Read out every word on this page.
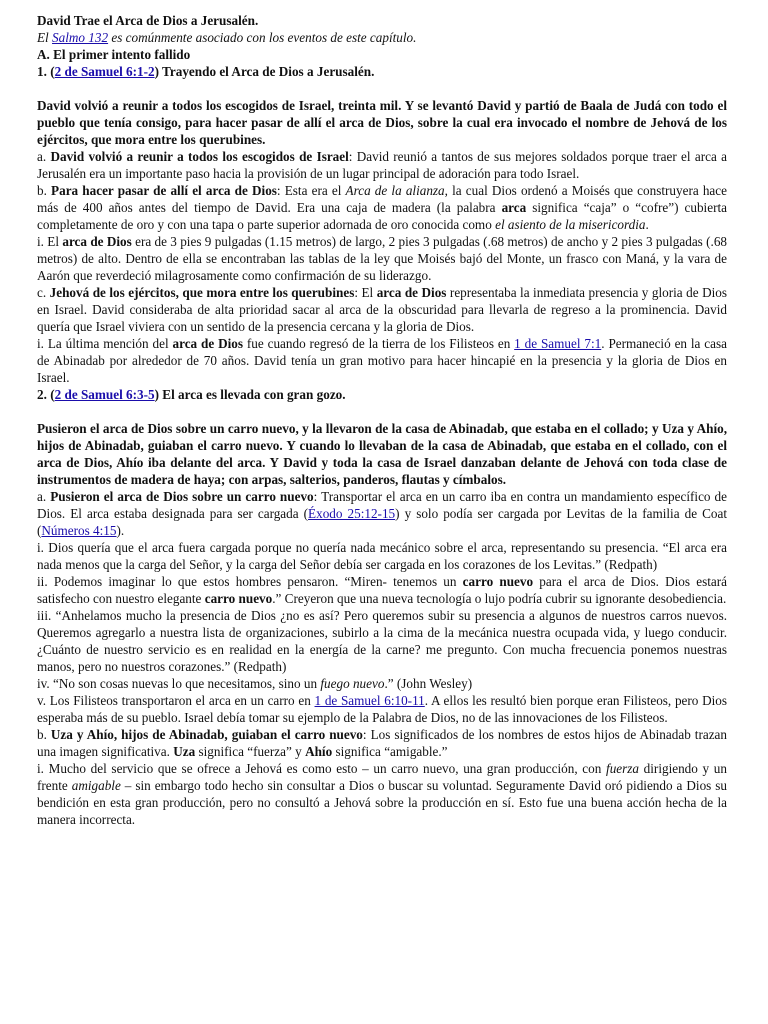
David Trae el Arca de Dios a Jerusalén.

El Salmo 132 es comúnmente asociado con los eventos de este capítulo.

A. El primer intento fallido

1. (2 de Samuel 6:1-2) Trayendo el Arca de Dios a Jerusalén.

David volvió a reunir a todos los escogidos de Israel, treinta mil. Y se levantó David y partió de Baala de Judá con todo el pueblo que tenía consigo, para hacer pasar de allí el arca de Dios, sobre la cual era invocado el nombre de Jehová de los ejércitos, que mora entre los querubines.

a. David volvió a reunir a todos los escogidos de Israel: David reunió a tantos de sus mejores soldados porque traer el arca a Jerusalén era un importante paso hacia la provisión de un lugar principal de adoración para todo Israel.

b. Para hacer pasar de allí el arca de Dios: Esta era el Arca de la alianza, la cual Dios ordenó a Moisés que construyera hace más de 400 años antes del tiempo de David. Era una caja de madera (la palabra arca significa “caja” o “cofre”) cubierta completamente de oro y con una tapa o parte superior adornada de oro conocida como el asiento de la misericordia.

i. El arca de Dios era de 3 pies 9 pulgadas (1.15 metros) de largo, 2 pies 3 pulgadas (.68 metros) de ancho y 2 pies 3 pulgadas (.68 metros) de alto. Dentro de ella se encontraban las tablas de la ley que Moisés bajó del Monte, un frasco con Maná, y la vara de Aarón que reverdeció milagrosamente como confirmación de su liderazgo.

c. Jehová de los ejércitos, que mora entre los querubines: El arca de Dios representaba la inmediata presencia y gloria de Dios en Israel. David consideraba de alta prioridad sacar al arca de la obscuridad para llevarla de regreso a la prominencia. David quería que Israel viviera con un sentido de la presencia cercana y la gloria de Dios.

i. La última mención del arca de Dios fue cuando regresó de la tierra de los Filisteos en 1 de Samuel 7:1. Permaneció en la casa de Abinadab por alrededor de 70 años. David tenía un gran motivo para hacer hincapié en la presencia y la gloria de Dios en Israel.

2. (2 de Samuel 6:3-5) El arca es llevada con gran gozo.

Pusieron el arca de Dios sobre un carro nuevo, y la llevaron de la casa de Abinadab, que estaba en el collado; y Uza y Ahío, hijos de Abinadab, guiaban el carro nuevo. Y cuando lo llevaban de la casa de Abinadab, que estaba en el collado, con el arca de Dios, Ahío iba delante del arca. Y David y toda la casa de Israel danzaban delante de Jehová con toda clase de instrumentos de madera de haya; con arpas, salterios, panderos, flautas y címbalos.

a. Pusieron el arca de Dios sobre un carro nuevo: Transportar el arca en un carro iba en contra un mandamiento específico de Dios. El arca estaba designada para ser cargada (Éxodo 25:12-15) y solo podía ser cargada por Levitas de la familia de Coat (Números 4:15).

i. Dios quería que el arca fuera cargada porque no quería nada mecánico sobre el arca, representando su presencia. “El arca era nada menos que la carga del Señor, y la carga del Señor debía ser cargada en los corazones de los Levitas.” (Redpath)

ii. Podemos imaginar lo que estos hombres pensaron. “Miren- tenemos un carro nuevo para el arca de Dios. Dios estará satisfecho con nuestro elegante carro nuevo.” Creyeron que una nueva tecnología o lujo podría cubrir su ignorante desobediencia.

iii. “Anhelamos mucho la presencia de Dios ¿no es así? Pero queremos subir su presencia a algunos de nuestros carros nuevos. Queremos agregarlo a nuestra lista de organizaciones, subirlo a la cima de la mecánica nuestra ocupada vida, y luego conducir. ¿Cuánto de nuestro servicio es en realidad en la energía de la carne? me pregunto. Con mucha frecuencia ponemos nuestras manos, pero no nuestros corazones.” (Redpath)

iv. “No son cosas nuevas lo que necesitamos, sino un fuego nuevo.” (John Wesley)

v. Los Filisteos transportaron el arca en un carro en 1 de Samuel 6:10-11. A ellos les resultó bien porque eran Filisteos, pero Dios esperaba más de su pueblo. Israel debía tomar su ejemplo de la Palabra de Dios, no de las innovaciones de los Filisteos.

b. Uza y Ahío, hijos de Abinadab, guiaban el carro nuevo: Los significados de los nombres de estos hijos de Abinadab trazan una imagen significativa. Uza significa “fuerza” y Ahío significa “amigable.”

i. Mucho del servicio que se ofrece a Jehová es como esto – un carro nuevo, una gran producción, con fuerza dirigiendo y un frente amigable – sin embargo todo hecho sin consultar a Dios o buscar su voluntad. Seguramente David oró pidiendo a Dios su bendición en esta gran producción, pero no consultó a Jehová sobre la producción en sí. Esto fue una buena acción hecha de la manera incorrecta.
